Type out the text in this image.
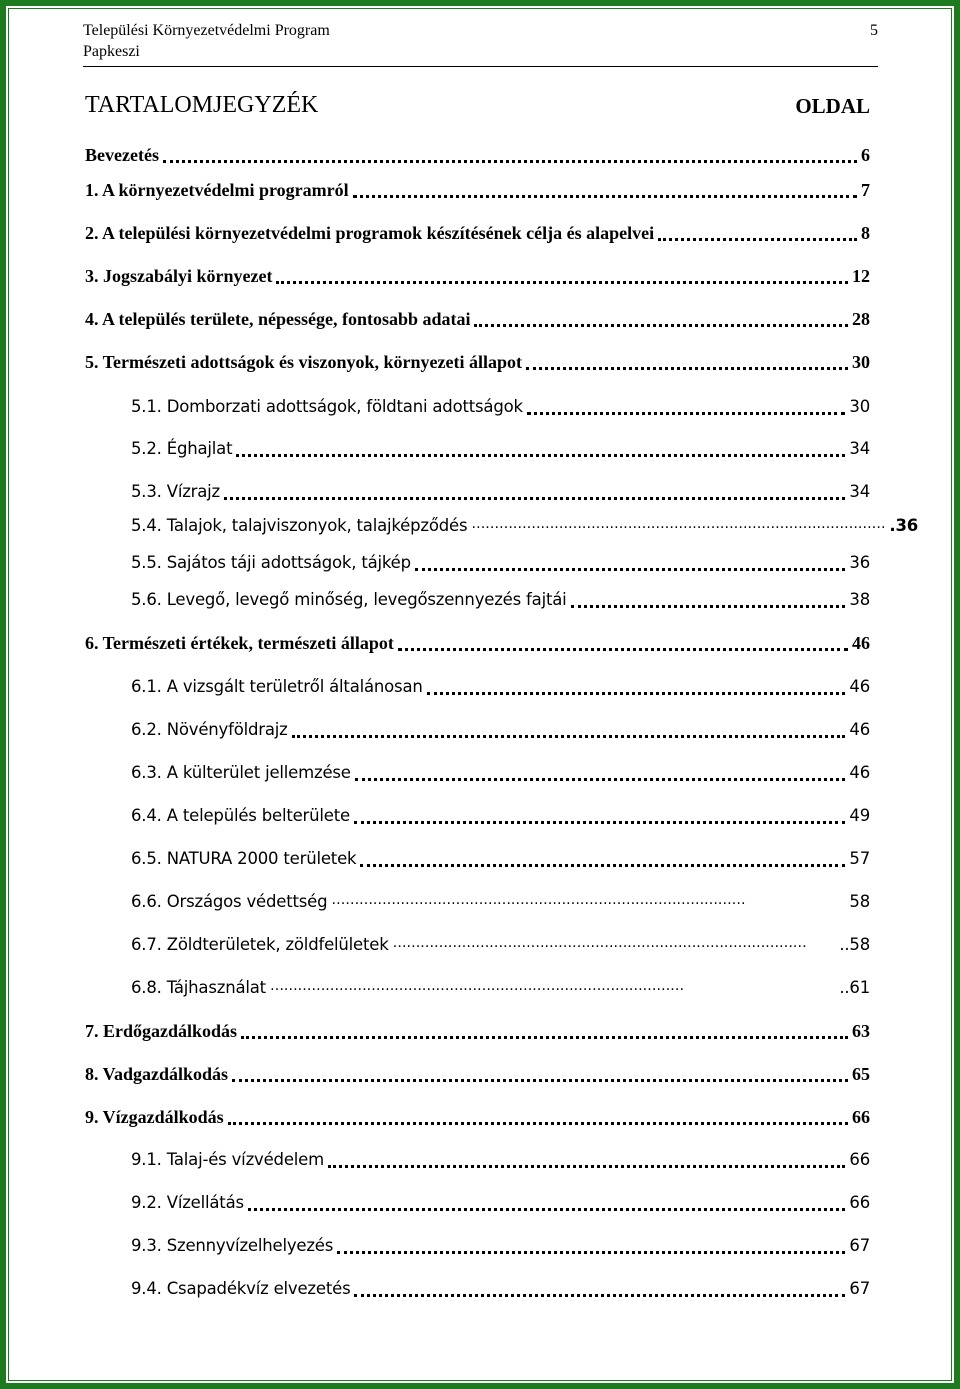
Települési Környezetvédelmi Program
Papkeszi
5
TARTALOMJEGYZÉK	OLDAL
Bevezetés	6
1. A környezetvédelmi programról	7
2. A települési környezetvédelmi programok készítésének célja és alapelvei	8
3. Jogszabályi környezet	12
4. A település területe, népessége, fontosabb adatai	28
5. Természeti adottságok és viszonyok, környezeti állapot	30
5.1. Domborzati adottságok, földtani adottságok	30
5.2. Éghajlat	34
5.3. Vízrajz	34
5.4. Talajok, talajviszonyok, talajképződés ……………………………………………………………………………… .36
5.5. Sajátos táji adottságok, tájkép	36
5.6. Levegő, levegő minőség, levegőszennyezés fajtái	38
6. Természeti értékek, természeti állapot	46
6.1. A vizsgált területről általánosan	46
6.2. Növényföldrajz	46
6.3. A külterület jellemzése	46
6.4. A település belterülete	49
6.5. NATURA 2000 területek	57
6.6. Országos védettség ………………………………………………………………………………	58
6.7. Zöldterületek, zöldfelületek ………………………………………………………………………………	..58
6.8. Tájhasználat ………………………………………………………………………………	..61
7. Erdőgazdálkodás	63
8. Vadgazdálkodás	65
9. Vízgazdálkodás	66
9.1. Talaj-és vízvédelem	66
9.2. Vízellátás	66
9.3. Szennyvízelhelyezés	67
9.4. Csapadékvíz elvezetés	67
